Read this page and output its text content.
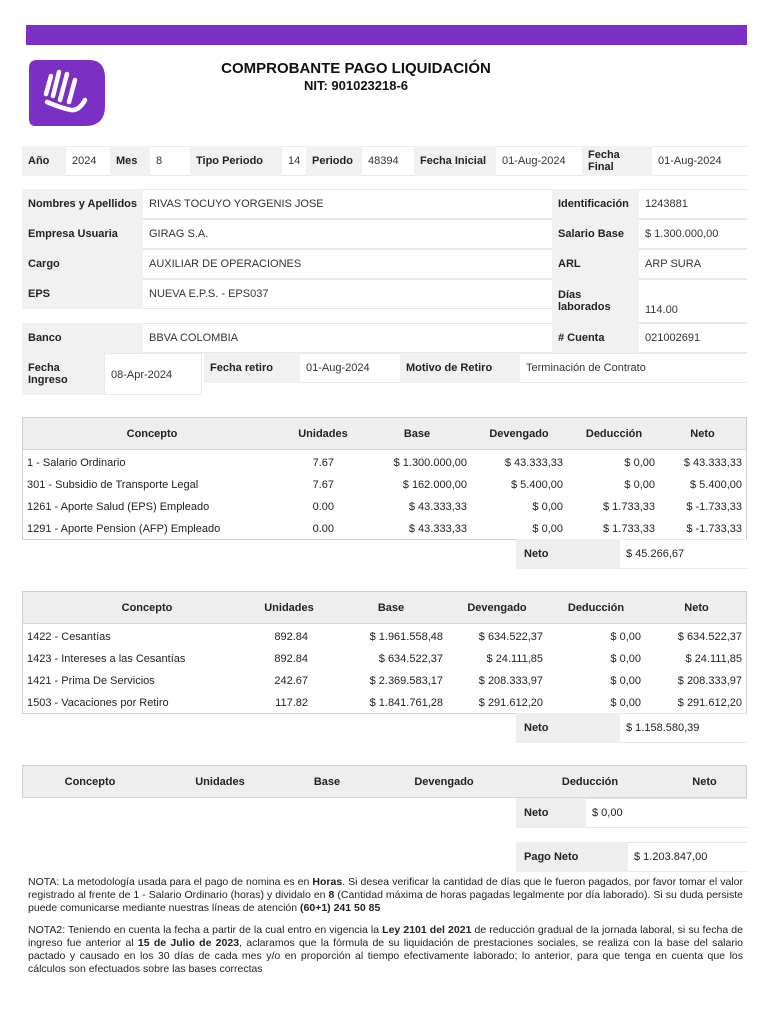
COMPROBANTE PAGO LIQUIDACIÓN
NIT: 901023218-6
Año	2024	Mes	8	Tipo Periodo	14	Periodo	48394	Fecha Inicial	01-Aug-2024	Fecha Final	01-Aug-2024
Nombres y Apellidos	RIVAS TOCUYO YORGENIS JOSE	Identificación	1243881
Empresa Usuaria	GIRAG S.A.	Salario Base	$ 1.300.000,00
Cargo	AUXILIAR DE OPERACIONES	ARL	ARP SURA
EPS	NUEVA E.P.S. - EPS037	Días laborados	114.00
Banco	BBVA COLOMBIA	# Cuenta	021002691
Fecha Ingreso	08-Apr-2024
Fecha retiro	01-Aug-2024	Motivo de Retiro	Terminación de Contrato
Concepto	Unidades	Base	Devengado	Deducción	Neto
1 - Salario Ordinario	7.67	$ 1.300.000,00	$ 43.333,33	$ 0,00	$ 43.333,33
301 - Subsidio de Transporte Legal	7.67	$ 162.000,00	$ 5.400,00	$ 0,00	$ 5.400,00
1261 - Aporte Salud (EPS) Empleado	0.00	$ 43.333,33	$ 0,00	$ 1.733,33	$ -1.733,33
1291 - Aporte Pension (AFP) Empleado	0.00	$ 43.333,33	$ 0,00	$ 1.733,33	$ -1.733,33
Neto	$ 45.266,67
Concepto	Unidades	Base	Devengado	Deducción	Neto
1422 - Cesantías	892.84	$ 1.961.558,48	$ 634.522,37	$ 0,00	$ 634.522,37
1423 - Intereses a las Cesantías	892.84	$ 634.522,37	$ 24.111,85	$ 0,00	$ 24.111,85
1421 - Prima De Servicios	242.67	$ 2.369.583,17	$ 208.333,97	$ 0,00	$ 208.333,97
1503 - Vacaciones por Retiro	117.82	$ 1.841.761,28	$ 291.612,20	$ 0,00	$ 291.612,20
Neto	$ 1.158.580,39
Concepto	Unidades	Base	Devengado	Deducción	Neto
Neto	$ 0,00
Pago Neto	$ 1.203.847,00
NOTA: La metodología usada para el pago de nomina es en Horas. Si desea verificar la cantidad de días que le fueron pagados, por favor tomar el valor registrado al frente de 1 - Salario Ordinario (horas) y dividalo en 8 (Cantidad máxima de horas pagadas legalmente por día laborado). Si su duda persiste puede comunicarse mediante nuestras líneas de atención (60+1) 241 50 85
NOTA2: Teniendo en cuenta la fecha a partir de la cual entro en vigencia la Ley 2101 del 2021 de reducción gradual de la jornada laboral, si su fecha de ingreso fue anterior al 15 de Julio de 2023, aclaramos que la fórmula de su liquidación de prestaciones sociales, se realiza con la base del salario pactado y causado en los 30 días de cada mes y/o en proporción al tiempo efectivamente laborado; lo anterior, para que tenga en cuenta que los cálculos son efectuados sobre las bases correctas
